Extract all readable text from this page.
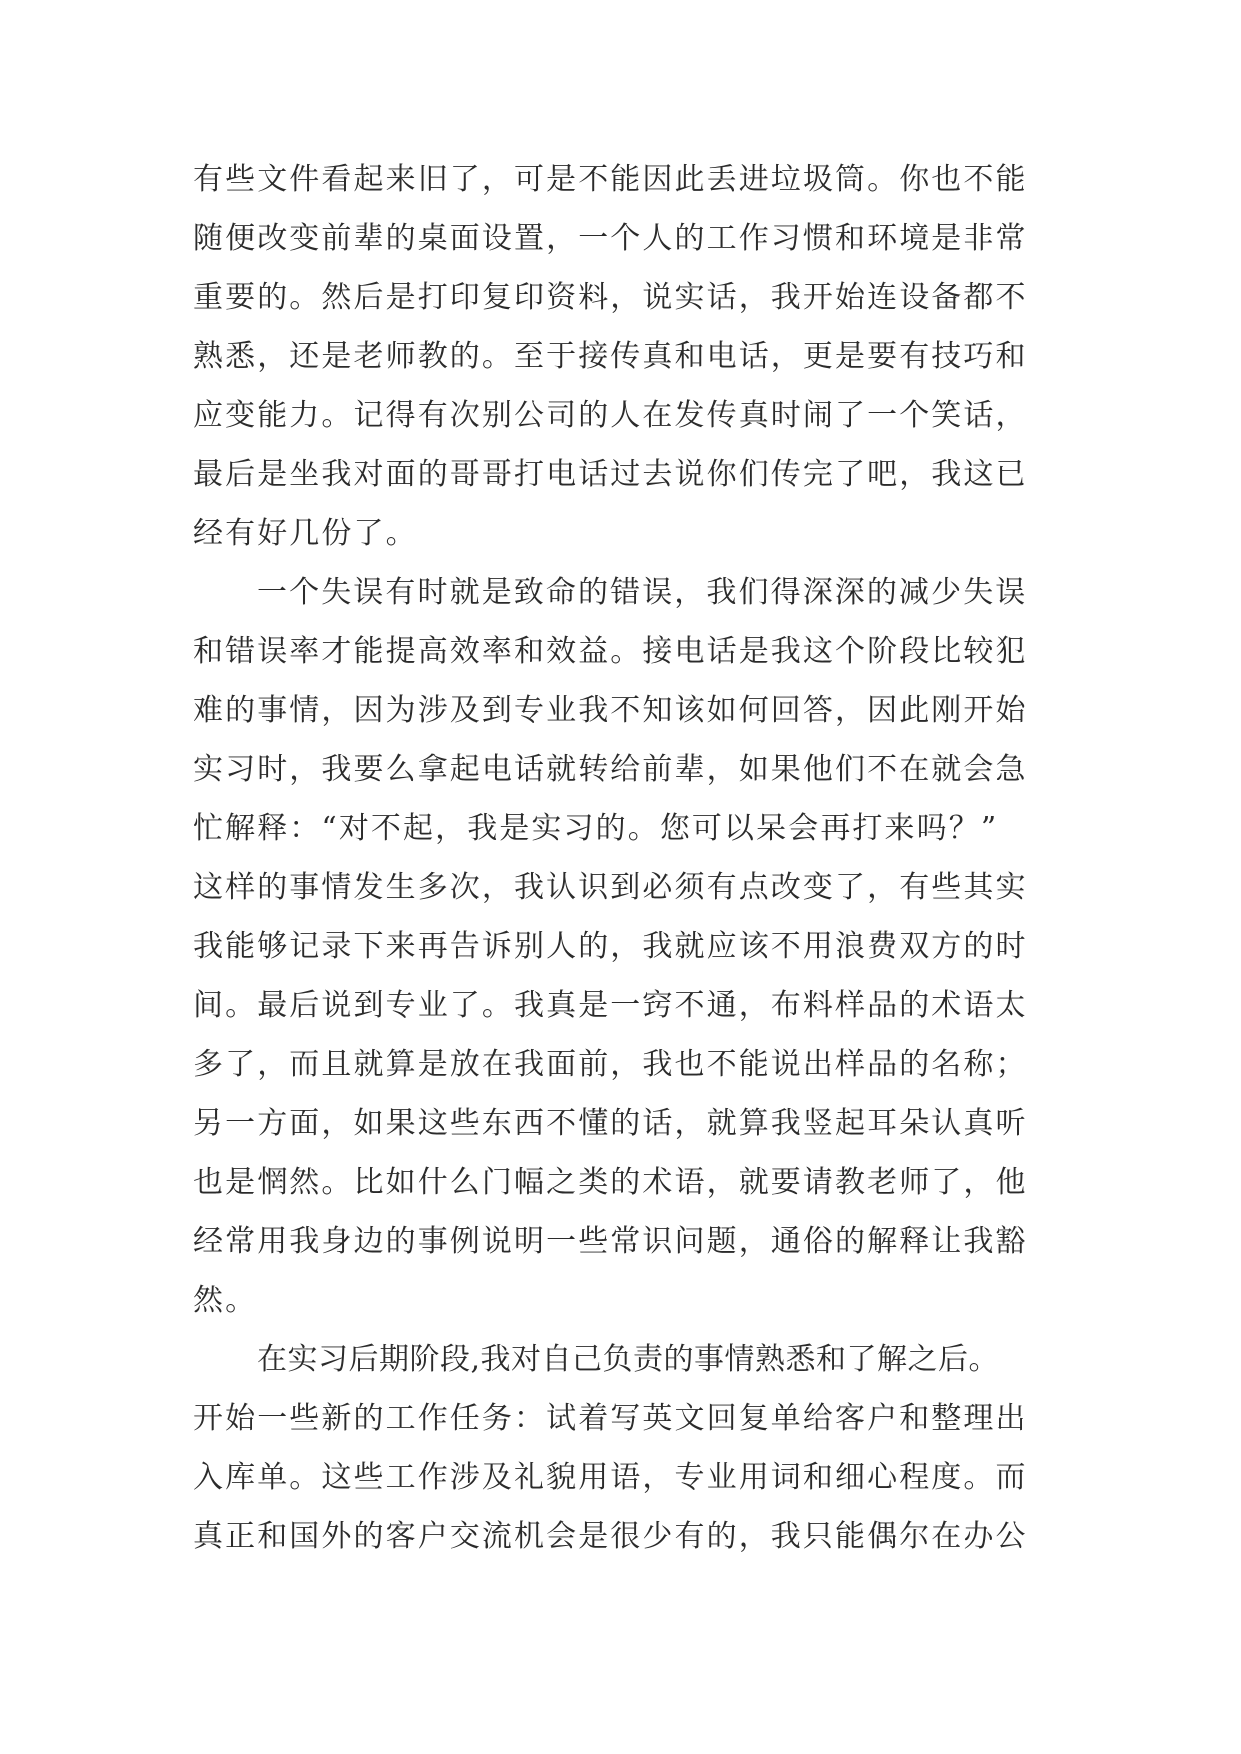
有些文件看起来旧了，可是不能因此丢进垃圾筒。你也不能
随便改变前辈的桌面设置，一个人的工作习惯和环境是非常
重要的。然后是打印复印资料，说实话，我开始连设备都不
熟悉，还是老师教的。至于接传真和电话，更是要有技巧和
应变能力。记得有次别公司的人在发传真时闹了一个笑话，
最后是坐我对面的哥哥打电话过去说你们传完了吧，我这已
经有好几份了。
一个失误有时就是致命的错误，我们得深深的减少失误
和错误率才能提高效率和效益。接电话是我这个阶段比较犯
难的事情，因为涉及到专业我不知该如何回答，因此刚开始
实习时，我要么拿起电话就转给前辈，如果他们不在就会急
忙解释：“对不起，我是实习的。您可以呆会再打来吗？”
这样的事情发生多次，我认识到必须有点改变了，有些其实
我能够记录下来再告诉别人的，我就应该不用浪费双方的时
间。最后说到专业了。我真是一窍不通，布料样品的术语太
多了，而且就算是放在我面前，我也不能说出样品的名称；
另一方面，如果这些东西不懂的话，就算我竖起耳朵认真听
也是惘然。比如什么门幅之类的术语，就要请教老师了，他
经常用我身边的事例说明一些常识问题，通俗的解释让我豁
然。
在实习后期阶段,我对自己负责的事情熟悉和了解之后。
开始一些新的工作任务：试着写英文回复单给客户和整理出
入库单。这些工作涉及礼貌用语，专业用词和细心程度。而
真正和国外的客户交流机会是很少有的，我只能偶尔在办公
